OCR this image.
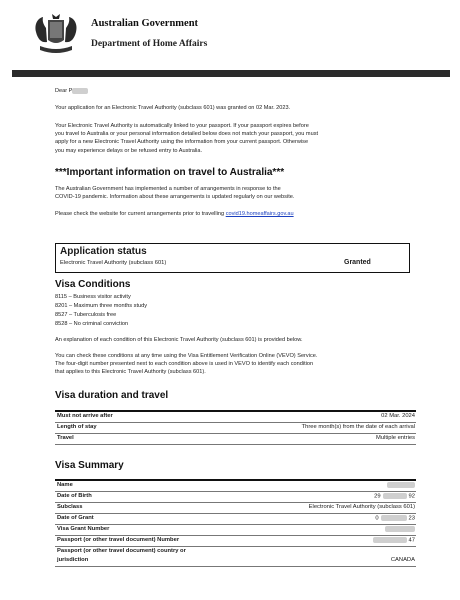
Australian Government
Department of Home Affairs
Dear P
Your application for an Electronic Travel Authority (subclass 601) was granted on 02 Mar. 2023.
Your Electronic Travel Authority is automatically linked to your passport. If your passport expires before
you travel to Australia or your personal information detailed below does not match your passport, you must
apply for a new Electronic Travel Authority using the information from your current passport. Otherwise
you may experience delays or be refused entry to Australia.
***Important information on travel to Australia***
The Australian Government has implemented a number of arrangements in response to the
COVID-19 pandemic. Information about these arrangements is updated regularly on our website.
Please check the website for current arrangements prior to travelling covid19.homeaffairs.gov.au
Application status
Electronic Travel Authority (subclass 601)	Granted
Visa Conditions
8115 – Business visitor activity
8201 – Maximum three months study
8527 – Tuberculosis free
8528 – No criminal conviction
An explanation of each condition of this Electronic Travel Authority (subclass 601) is provided below.
You can check these conditions at any time using the Visa Entitlement Verification Online (VEVO) Service.
The four-digit number presented next to each condition above is used in VEVO to identify each condition
that applies to this Electronic Travel Authority (subclass 601).
Visa duration and travel
Must not arrive after	02 Mar. 2024
Length of stay	Three month(s) from the date of each arrival
Travel	Multiple entries
Visa Summary
Name
Date of Birth	29	92
Subclass	Electronic Travel Authority (subclass 601)
Date of Grant	0	23
Visa Grant Number
Passport (or other travel document) Number	47
Passport (or other travel document) country or
jurisdiction	CANADA
